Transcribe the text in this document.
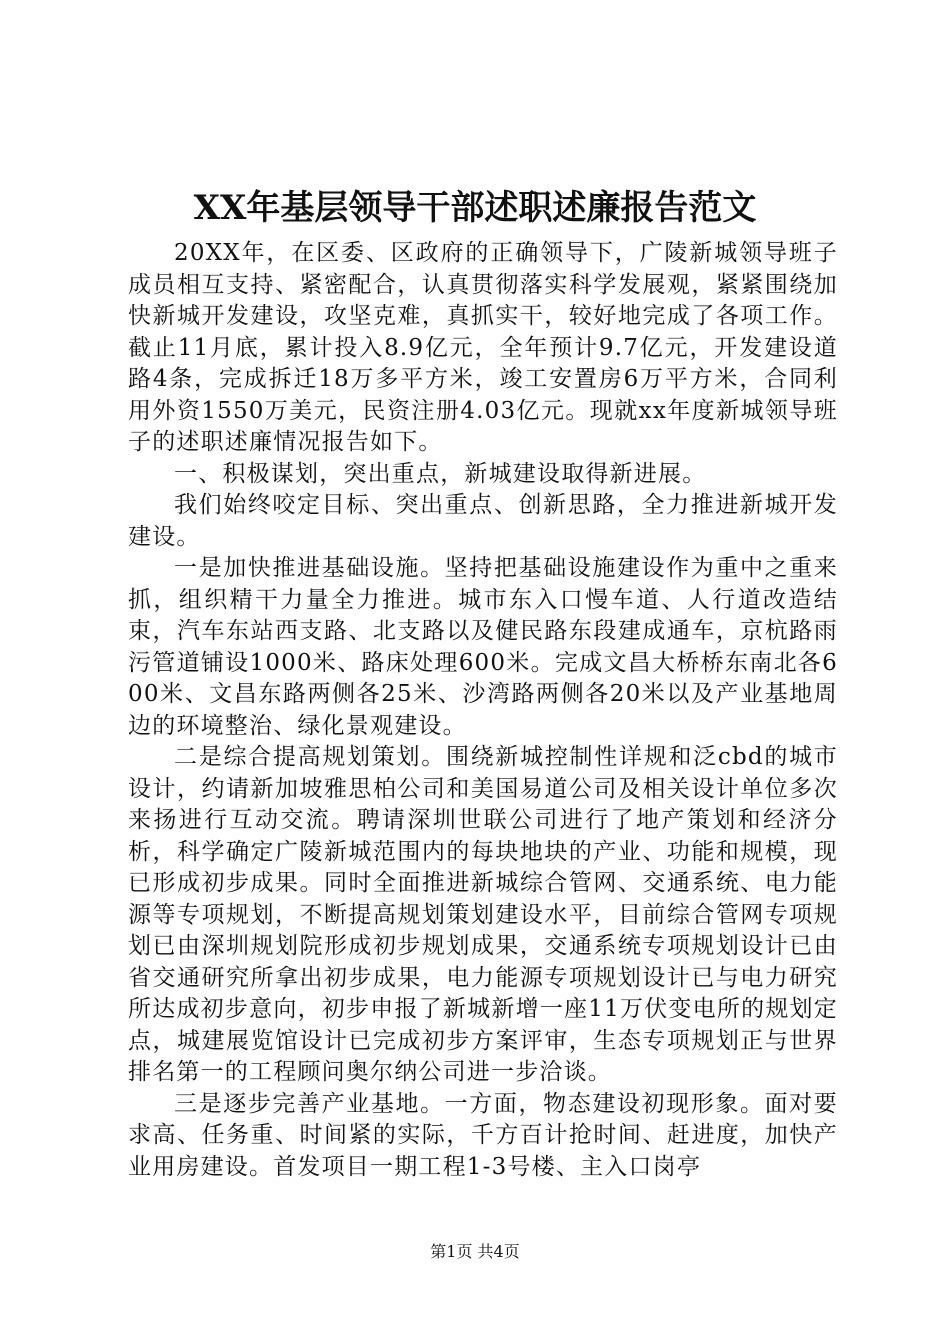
XX年基层领导干部述职述廉报告范文

20XX年，在区委、区政府的正确领导下，广陵新城领导班子成员相互支持、紧密配合，认真贯彻落实科学发展观，紧紧围绕加快新城开发建设，攻坚克难，真抓实干，较好地完成了各项工作。截止11月底，累计投入8.9亿元，全年预计9.7亿元，开发建设道路4条，完成拆迁18万多平方米，竣工安置房6万平方米，合同利用外资1550万美元，民资注册4.03亿元。现就xx年度新城领导班子的述职述廉情况报告如下。

一、积极谋划，突出重点，新城建设取得新进展。

我们始终咬定目标、突出重点、创新思路，全力推进新城开发建设。

一是加快推进基础设施。坚持把基础设施建设作为重中之重来抓，组织精干力量全力推进。城市东入口慢车道、人行道改造结束，汽车东站西支路、北支路以及健民路东段建成通车，京杭路雨污管道铺设1000米、路床处理600米。完成文昌大桥桥东南北各600米、文昌东路两侧各25米、沙湾路两侧各20米以及产业基地周边的环境整治、绿化景观建设。

二是综合提高规划策划。围绕新城控制性详规和泛cbd的城市设计，约请新加坡雅思柏公司和美国易道公司及相关设计单位多次来扬进行互动交流。聘请深圳世联公司进行了地产策划和经济分析，科学确定广陵新城范围内的每块地块的产业、功能和规模，现已形成初步成果。同时全面推进新城综合管网、交通系统、电力能源等专项规划，不断提高规划策划建设水平，目前综合管网专项规划已由深圳规划院形成初步规划成果，交通系统专项规划设计已由省交通研究所拿出初步成果，电力能源专项规划设计已与电力研究所达成初步意向，初步申报了新城新增一座11万伏变电所的规划定点，城建展览馆设计已完成初步方案评审，生态专项规划正与世界排名第一的工程顾问奥尔纳公司进一步洽谈。

三是逐步完善产业基地。一方面，物态建设初现形象。面对要求高、任务重、时间紧的实际，千方百计抢时间、赶进度，加快产业用房建设。首发项目一期工程1-3号楼、主入口岗亭

第1页 共4页
